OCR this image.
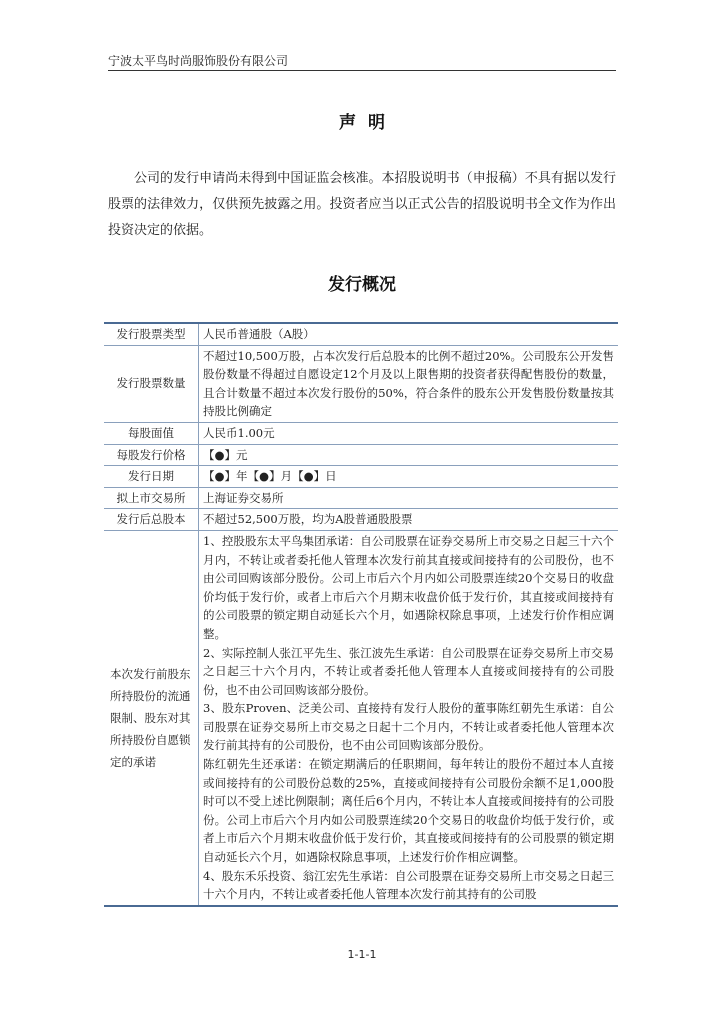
宁波太平鸟时尚服饰股份有限公司
声明
公司的发行申请尚未得到中国证监会核准。本招股说明书（申报稿）不具有据以发行股票的法律效力，仅供预先披露之用。投资者应当以正式公告的招股说明书全文作为作出投资决定的依据。
发行概况
发行股票类型	人民币普通股（A股）
发行股票数量	不超过10,500万股，占本次发行后总股本的比例不超过20%。公司股东公开发售股份数量不得超过自愿设定12个月及以上限售期的投资者获得配售股份的数量，且合计数量不超过本次发行股份的50%，符合条件的股东公开发售股份数量按其持股比例确定
每股面值	人民币1.00元
每股发行价格	【●】元
发行日期	【●】年【●】月【●】日
拟上市交易所	上海证券交易所
发行后总股本	不超过52,500万股，均为A股普通股股票
本次发行前股东所持股份的流通限制、股东对其所持股份自愿锁定的承诺	1、控股股东太平鸟集团承诺：自公司股票在证券交易所上市交易之日起三十六个月内，不转让或者委托他人管理本次发行前其直接或间接持有的公司股份，也不由公司回购该部分股份。公司上市后六个月内如公司股票连续20个交易日的收盘价均低于发行价，或者上市后六个月期末收盘价低于发行价，其直接或间接持有的公司股票的锁定期自动延长六个月，如遇除权除息事项，上述发行价作相应调整。
2、实际控制人张江平先生、张江波先生承诺：自公司股票在证券交易所上市交易之日起三十六个月内，不转让或者委托他人管理本人直接或间接持有的公司股份，也不由公司回购该部分股份。
3、股东Proven、泛美公司、直接持有发行人股份的董事陈红朝先生承诺：自公司股票在证券交易所上市交易之日起十二个月内，不转让或者委托他人管理本次发行前其持有的公司股份，也不由公司回购该部分股份。
陈红朝先生还承诺：在锁定期满后的任职期间，每年转让的股份不超过本人直接或间接持有的公司股份总数的25%，直接或间接持有公司股份余额不足1,000股时可以不受上述比例限制；离任后6个月内，不转让本人直接或间接持有的公司股份。公司上市后六个月内如公司股票连续20个交易日的收盘价均低于发行价，或者上市后六个月期末收盘价低于发行价，其直接或间接持有的公司股票的锁定期自动延长六个月，如遇除权除息事项，上述发行价作相应调整。
4、股东禾乐投资、翁江宏先生承诺：自公司股票在证券交易所上市交易之日起三十六个月内，不转让或者委托他人管理本次发行前其持有的公司股
1-1-1
